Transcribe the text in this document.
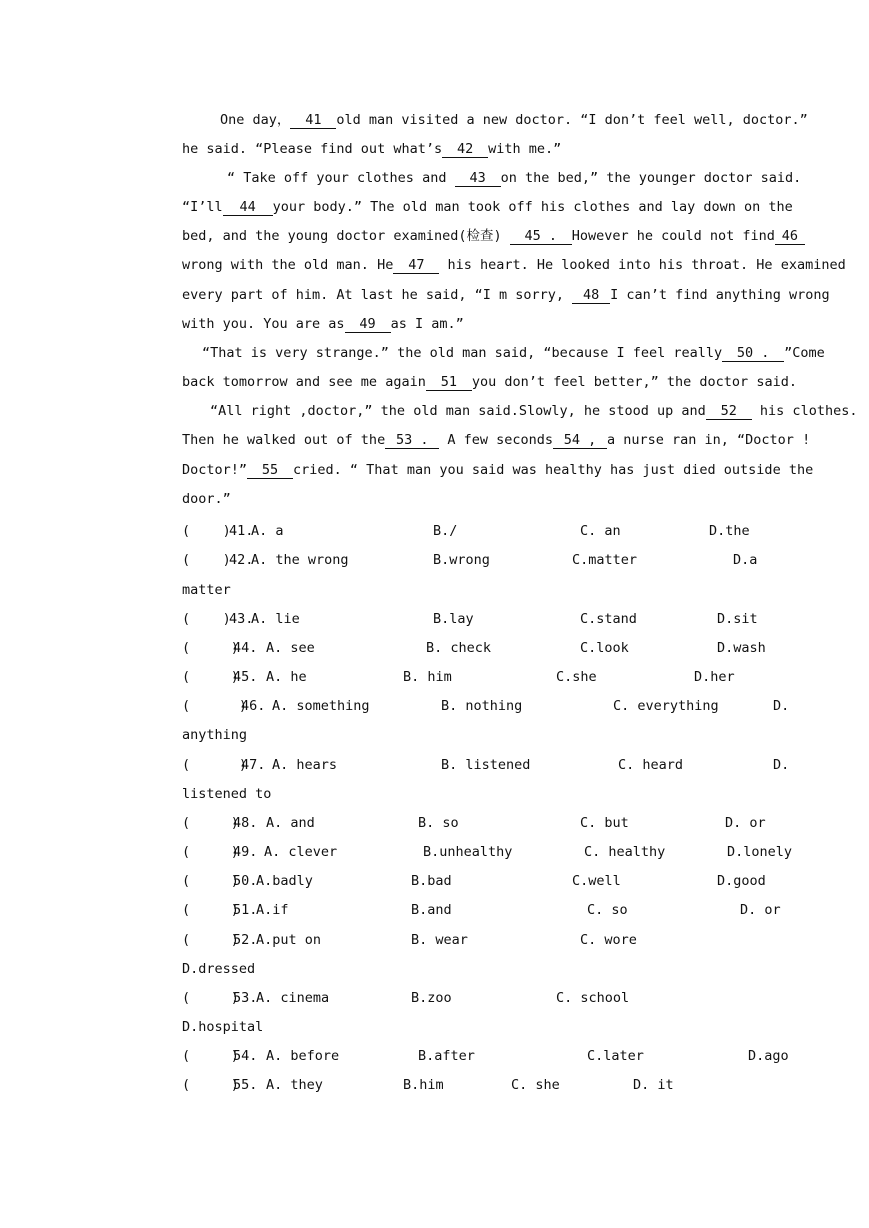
One day， 41 old man visited a new doctor. “I don’t feel well, doctor.”
he said. “Please find out what’s 42 with me.”
“ Take off your clothes and 43 on the bed,” the younger doctor said.
“I’ll 44 your body.” The old man took off his clothes and lay down on the
bed, and the young doctor examined(检查) 45 . However he could not find 46
wrong with the old man. He 47 his heart. He looked into his throat. He examined
every part of him. At last he said, “I m sorry, 48 I can’t find anything wrong
with you. You are as 49 as I am.”
“That is very strange.” the old man said, “because I feel really 50 . ”Come
back tomorrow and see me again 51 you don’t feel better,” the doctor said.
“All right ,doctor,” the old man said.Slowly, he stood up and 52 his clothes.
Then he walked out of the 53 . A few seconds 54 , a nurse ran in, “Doctor !
Doctor!” 55 cried. “ That man you said was healthy has just died outside the
door.”
(    )
41.
A. a	B./	C. an	D.the
(    )
42.
A. the wrong	B.wrong	C.matter	D.a
matter
(    )
43.
A. lie	B.lay	C.stand	D.sit
(     )
44. A. see	B. check	C.look	D.wash
(     )
45. A. he	B. him	C.she	D.her
(      )
46. A. something	B. nothing	C. everything	D.
anything
(      )
47. A. hears	B. listened	C. heard	D.
listened to
(     )
48. A. and	B. so	C. but	D. or
(     )
49. A. clever	B.unhealthy	C. healthy	D.lonely
(     )
50.
A.badly	B.bad	C.well	D.good
(     )
51.
A.if	B.and	C. so	D. or
(     )
52.
A.put on	B. wear	C. wore
D.dressed
(     )
53.
A. cinema	B.zoo	C. school
D.hospital
(     )
54. A. before	B.after	C.later	D.ago
(     )
55. A. they	B.him	C. she	D. it
